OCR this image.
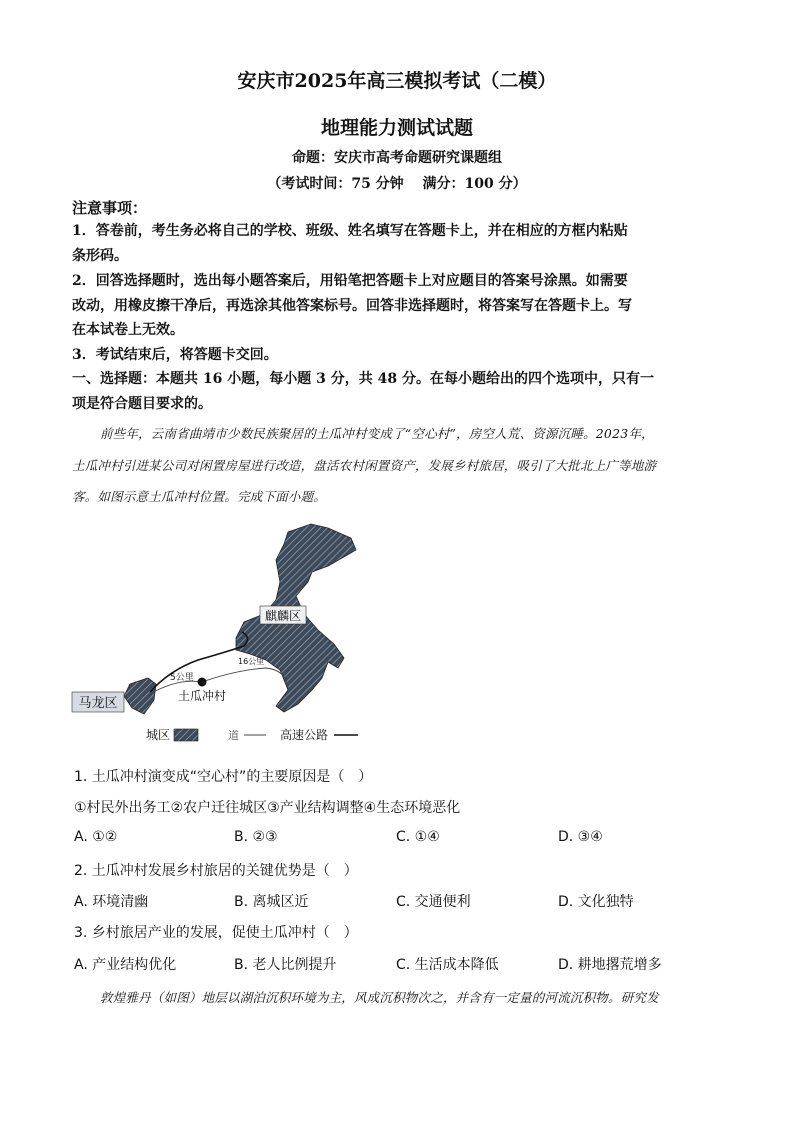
安庆市2025年高三模拟考试（二模）
地理能力测试试题
命题：安庆市高考命题研究课题组
（考试时间：75 分钟　 满分：100 分）
注意事项：
1．答卷前，考生务必将自己的学校、班级、姓名填写在答题卡上，并在相应的方框内粘贴
条形码。
2．回答选择题时，选出每小题答案后，用铅笔把答题卡上对应题目的答案号涂黑。如需要
改动，用橡皮擦干净后，再选涂其他答案标号。回答非选择题时，将答案写在答题卡上。写
在本试卷上无效。
3．考试结束后，将答题卡交回。
一、选择题：本题共 16 小题，每小题 3 分，共 48 分。在每小题给出的四个选项中，只有一
项是符合题目要求的。
前些年，云南省曲靖市少数民族聚居的土瓜冲村变成了“空心村”，房空人荒、资源沉睡。2023年，
土瓜冲村引进某公司对闲置房屋进行改造，盘活农村闲置资产，发展乡村旅居，吸引了大批北上广等地游
客。如图示意土瓜冲村位置。完成下面小题。
麒麟区
马龙区	土瓜冲村
5公里
16公里
城区	道	高速公路
1. 土瓜冲村演变成“空心村”的主要原因是（　）
①村民外出务工②农户迁往城区③产业结构调整④生态环境恶化
A. ①②	B. ②③	C. ①④	D. ③④
2. 土瓜冲村发展乡村旅居的关键优势是（　）
A. 环境清幽	B. 离城区近	C. 交通便利	D. 文化独特
3. 乡村旅居产业的发展，促使土瓜冲村（　）
A. 产业结构优化	B. 老人比例提升	C. 生活成本降低	D. 耕地撂荒增多
敦煌雅丹（如图）地层以湖泊沉积环境为主，风成沉积物次之，并含有一定量的河流沉积物。研究发
